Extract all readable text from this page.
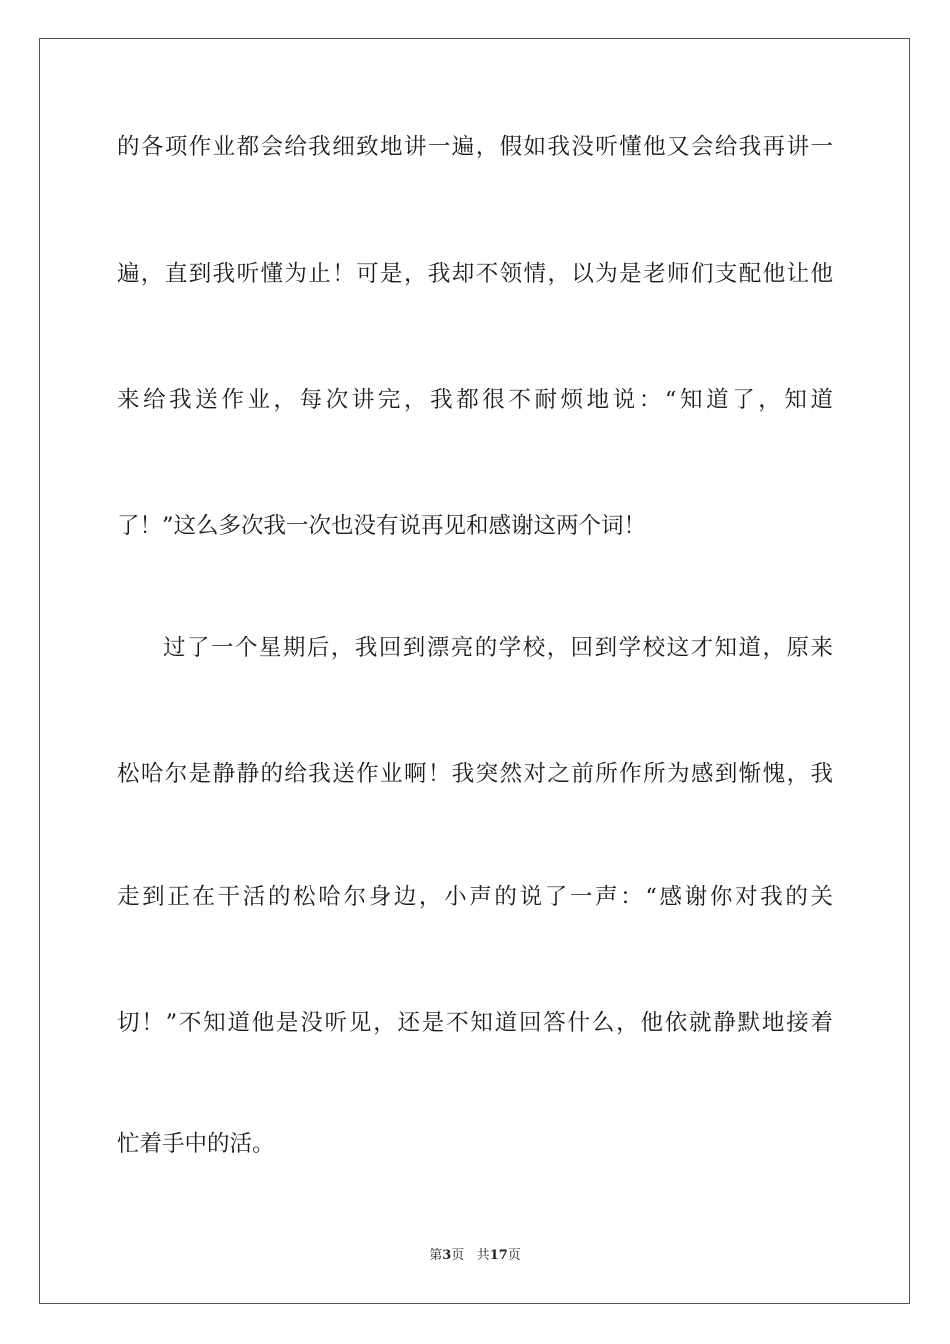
的各项作业都会给我细致地讲一遍，假如我没听懂他又会给我再讲一
遍，直到我听懂为止！可是，我却不领情，以为是老师们支配他让他
来给我送作业，每次讲完，我都很不耐烦地说：“知道了，知道
了！”这么多次我一次也没有说再见和感谢这两个词！
过了一个星期后，我回到漂亮的学校，回到学校这才知道，原来
松哈尔是静静的给我送作业啊！我突然对之前所作所为感到惭愧，我
走到正在干活的松哈尔身边，小声的说了一声：“感谢你对我的关
切！”不知道他是没听见，还是不知道回答什么，他依就静默地接着
忙着手中的活。
第3页 共17页
